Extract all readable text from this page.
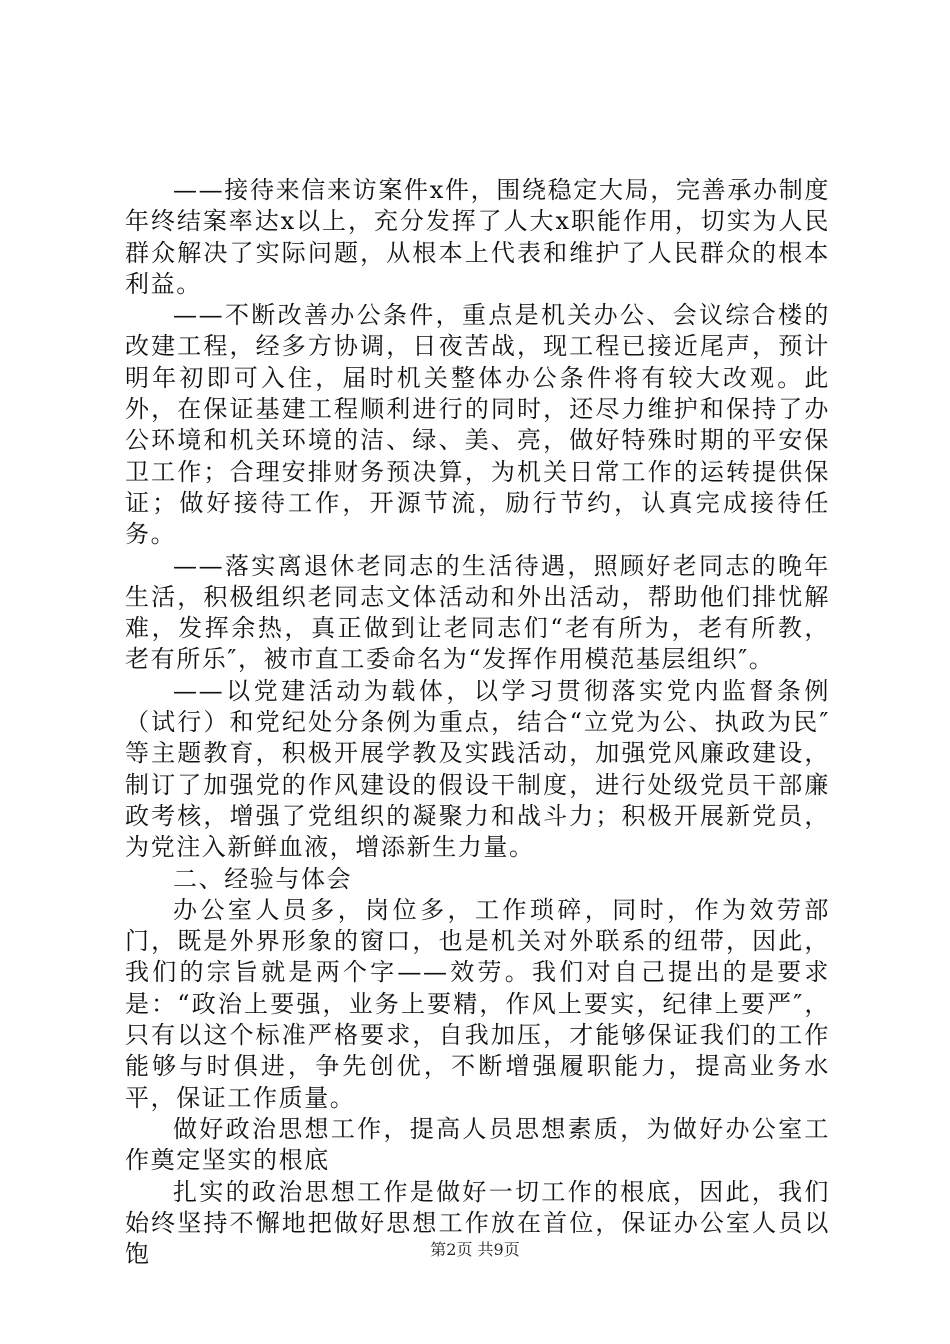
——接待来信来访案件x件，围绕稳定大局，完善承办制度年终结案率达x以上，充分发挥了人大x职能作用，切实为人民群众解决了实际问题，从根本上代表和维护了人民群众的根本利益。

——不断改善办公条件，重点是机关办公、会议综合楼的改建工程，经多方协调，日夜苦战，现工程已接近尾声，预计明年初即可入住，届时机关整体办公条件将有较大改观。此外，在保证基建工程顺利进行的同时，还尽力维护和保持了办公环境和机关环境的洁、绿、美、亮，做好特殊时期的平安保卫工作；合理安排财务预决算，为机关日常工作的运转提供保证；做好接待工作，开源节流，励行节约，认真完成接待任务。

——落实离退休老同志的生活待遇，照顾好老同志的晚年生活，积极组织老同志文体活动和外出活动，帮助他们排忧解难，发挥余热，真正做到让老同志们“老有所为，老有所教，老有所乐″，被市直工委命名为“发挥作用模范基层组织″。

——以党建活动为载体，以学习贯彻落实党内监督条例（试行）和党纪处分条例为重点，结合“立党为公、执政为民″等主题教育，积极开展学教及实践活动，加强党风廉政建设，制订了加强党的作风建设的假设干制度，进行处级党员干部廉政考核，增强了党组织的凝聚力和战斗力；积极开展新党员，为党注入新鲜血液，增添新生力量。

二、经验与体会

办公室人员多，岗位多，工作琐碎，同时，作为效劳部门，既是外界形象的窗口，也是机关对外联系的纽带，因此，我们的宗旨就是两个字——效劳。我们对自己提出的是要求是：“政治上要强，业务上要精，作风上要实，纪律上要严″，只有以这个标准严格要求，自我加压，才能够保证我们的工作能够与时俱进，争先创优，不断增强履职能力，提高业务水平，保证工作质量。

做好政治思想工作，提高人员思想素质，为做好办公室工作奠定坚实的根底

扎实的政治思想工作是做好一切工作的根底，因此，我们始终坚持不懈地把做好思想工作放在首位，保证办公室人员以饱	第2页 共9页
